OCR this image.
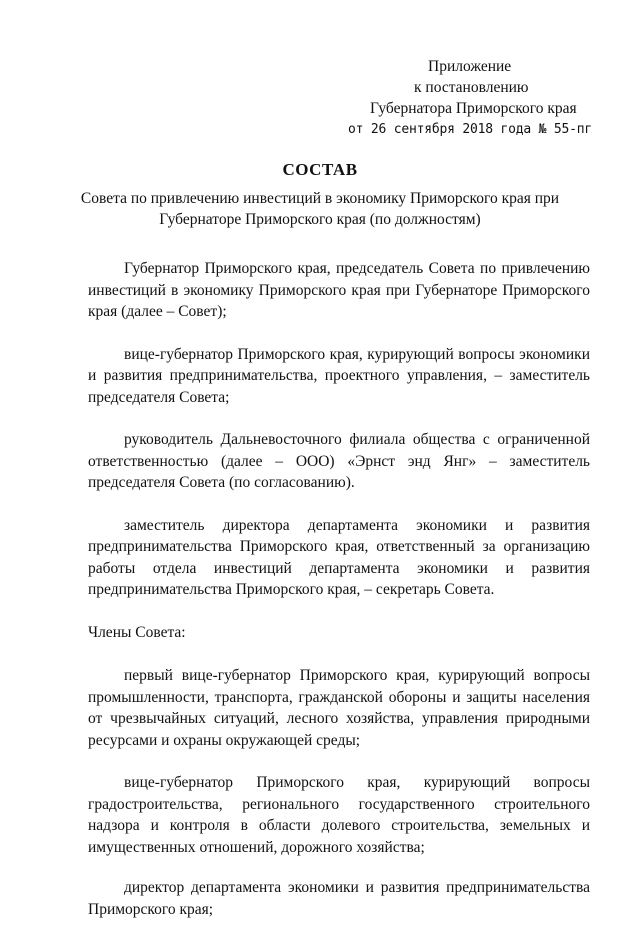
Приложение
к постановлению
Губернатора Приморского края
от 26 сентября 2018 года № 55-пг
СОСТАВ
Совета по привлечению инвестиций в экономику Приморского края при Губернаторе Приморского края (по должностям)

Губернатор Приморского края, председатель Совета по привлечению инвестиций в экономику Приморского края при Губернаторе Приморского края (далее – Совет);

вице-губернатор Приморского края, курирующий вопросы экономики и развития предпринимательства, проектного управления, – заместитель председателя Совета;

руководитель Дальневосточного филиала общества с ограниченной ответственностью (далее – ООО) «Эрнст энд Янг» – заместитель председателя Совета (по согласованию).

заместитель директора департамента экономики и развития предпринимательства Приморского края, ответственный за организацию работы отдела инвестиций департамента экономики и развития предпринимательства Приморского края, – секретарь Совета.

Члены Совета:

первый вице-губернатор Приморского края, курирующий вопросы промышленности, транспорта, гражданской обороны и защиты населения от чрезвычайных ситуаций, лесного хозяйства, управления природными ресурсами и охраны окружающей среды;

вице-губернатор Приморского края, курирующий вопросы градостроительства, регионального государственного строительного надзора и контроля в области долевого строительства, земельных и имущественных отношений, дорожного хозяйства;

директор департамента экономики и развития предпринимательства Приморского края;
